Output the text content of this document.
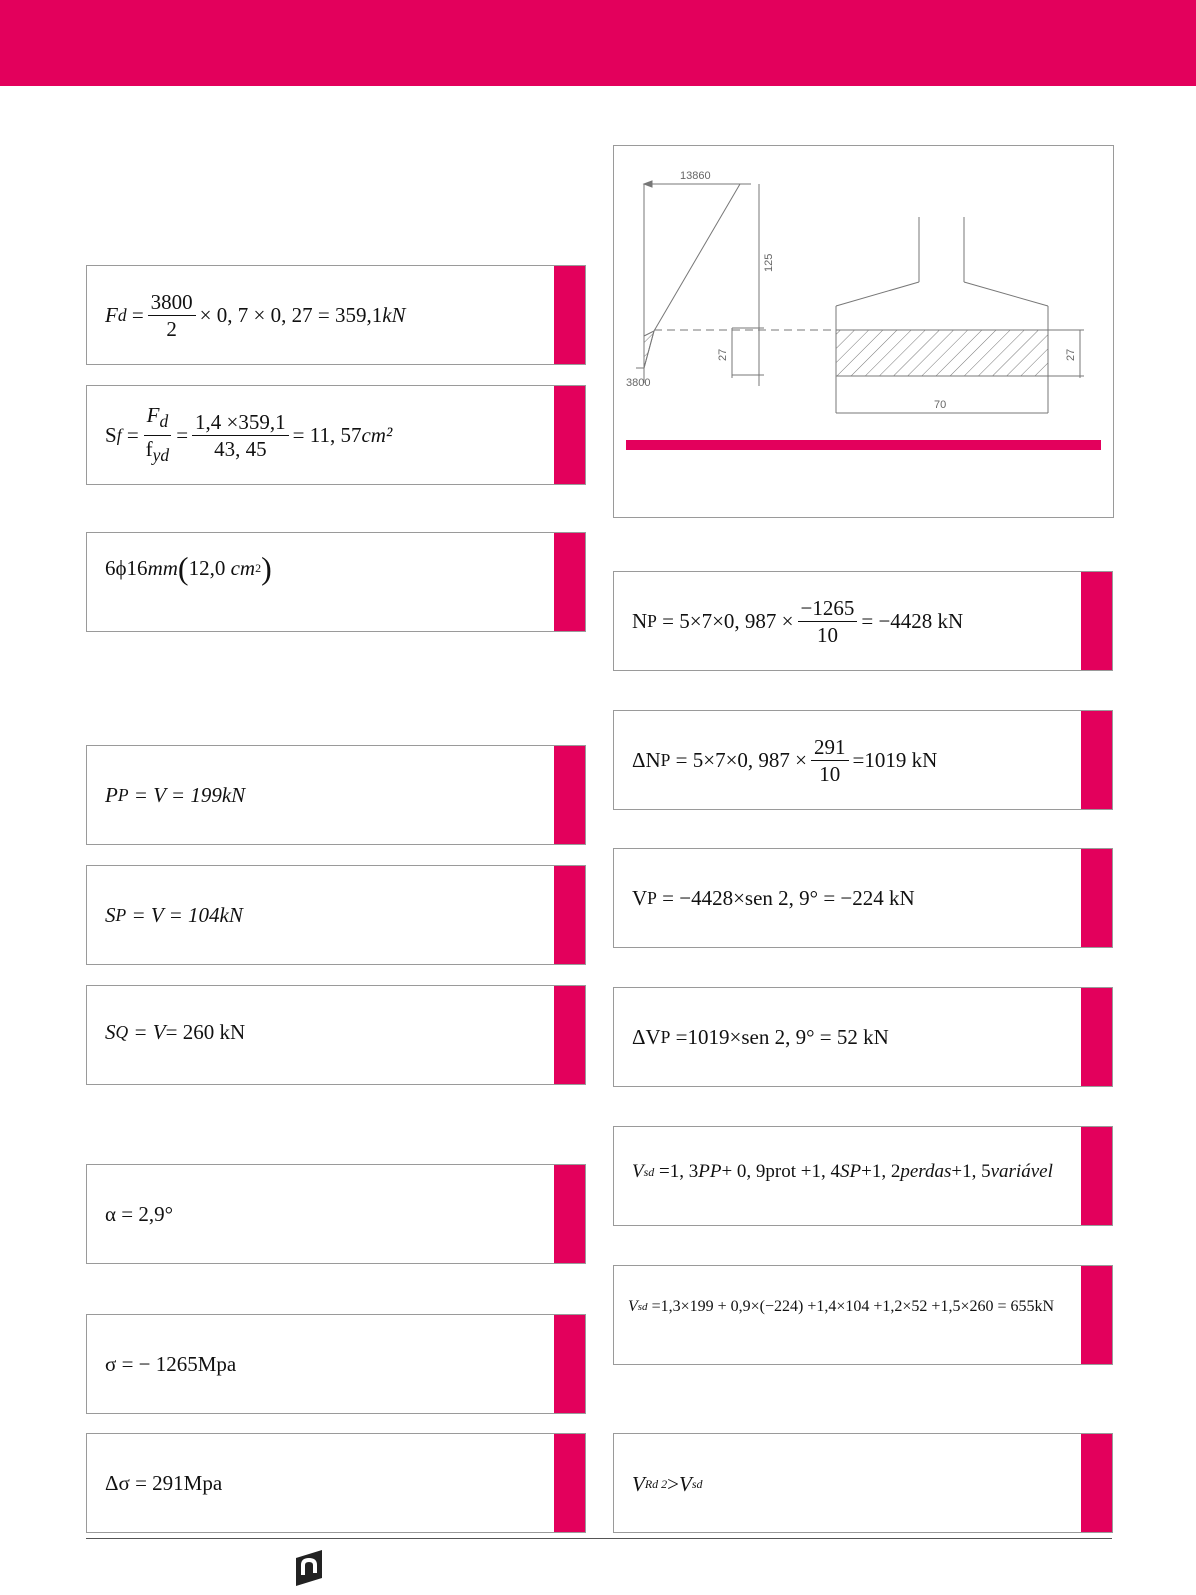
F $d = \frac{3800}{2} \times 0$, 7 × 0, 27 = 359,1 kN
S $f = \frac{F_d}{f_{yd}} = \frac{1,4 \times 359,1}{43, 45} = 11$, 57 cm²
6ϕ16 mm ( 12,0
cm 2 )
P P
= V = 199 kN
S P
= V = 104 kN
S Q
= V = 260 kN
α = 2,9°
σ = − 1265Mpa
Δσ = 291Mpa
13860
125
27	27
3800
70
N P
= 5×7×0, $987 \times \frac{-1265}{10} = -4428$ kN
ΔN P
= 5×7×0, $987 \times \frac{291}{10} =1019$ kN
V P
= −4428×sen 2, 9° = −224 kN
ΔV P
=1019×sen 2, 9° = 52 kN
V sd
=1, 3 PP + 0, 9prot +1, 4 SP +1, 2 perdas +1, 5 variável
V sd
=1,3×199 + 0,9×(−224) +1,4×104 +1,2×52 +1,5×260 = 655kN
V Rd 2 > V sd
